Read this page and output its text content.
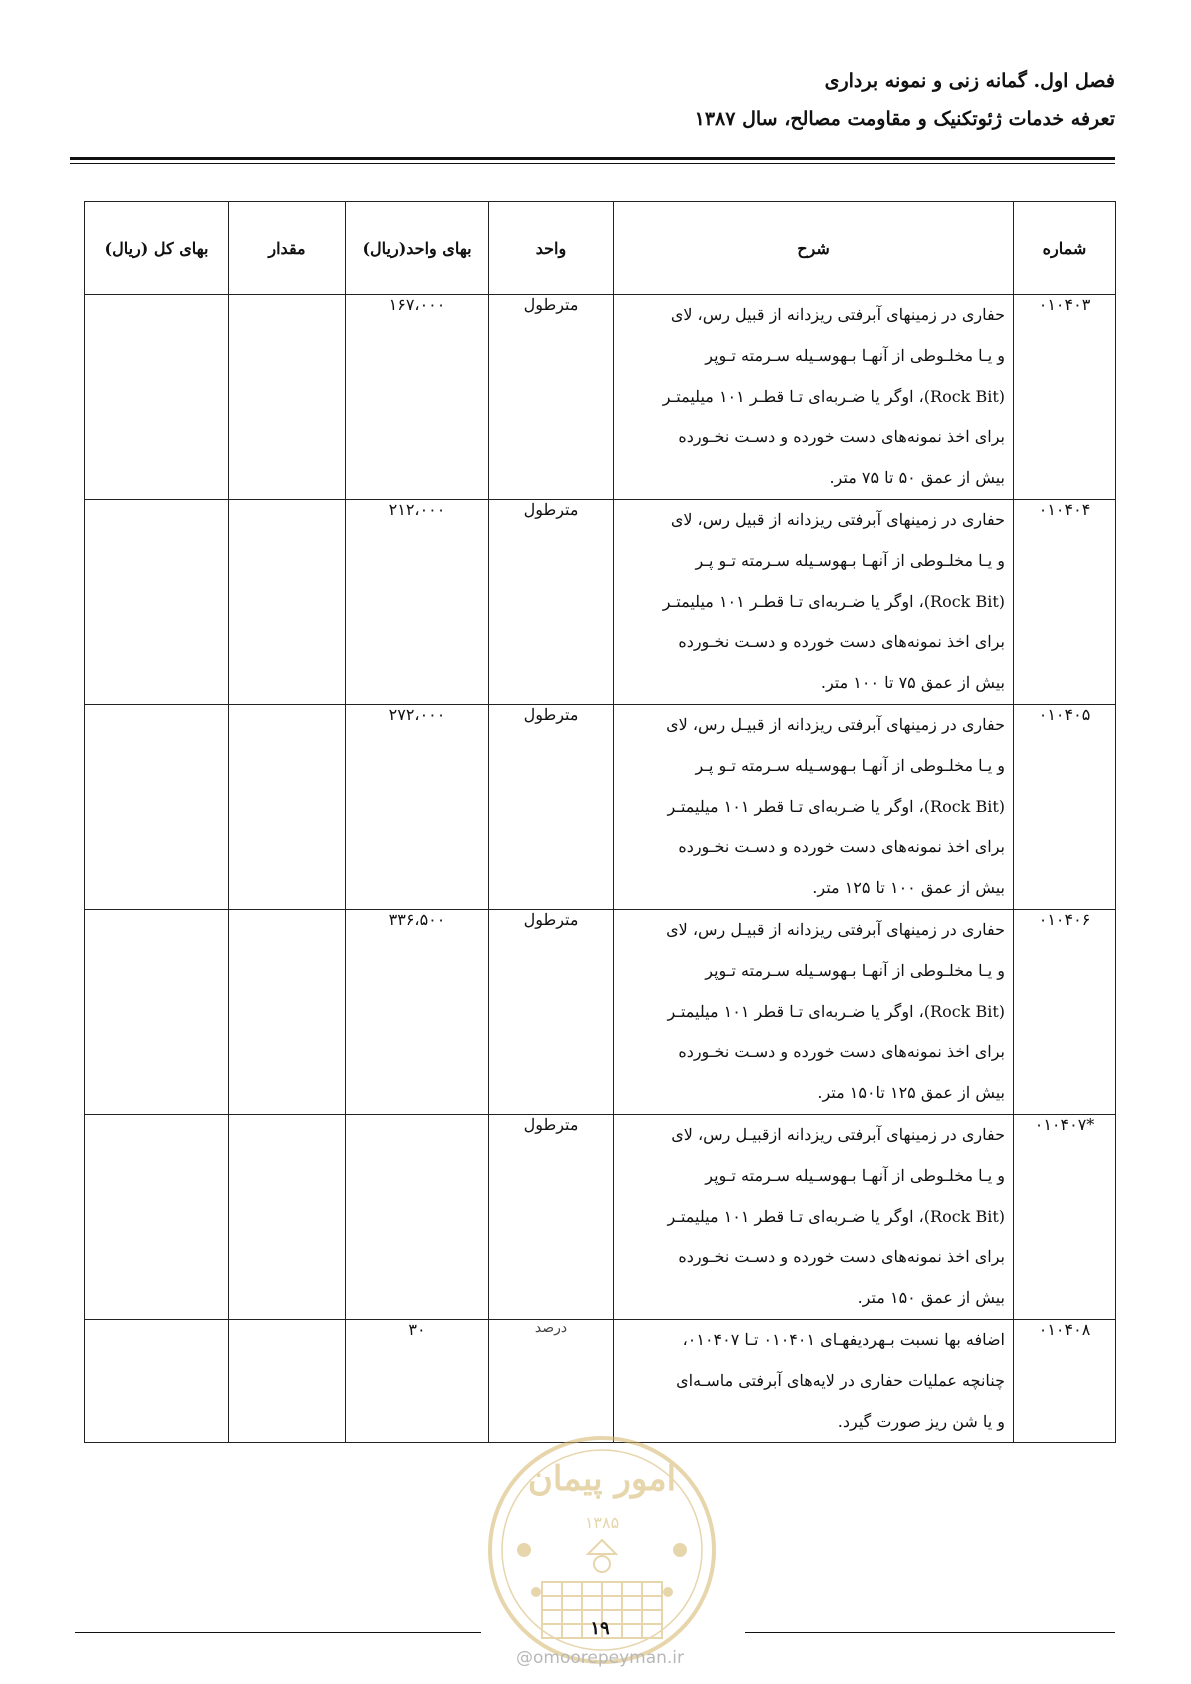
فصل اول. گمانه زنی و نمونه برداری
تعرفه خدمات ژئوتکنیک و مقاومت مصالح، سال ۱۳۸۷
شماره	شرح	واحد	بهای واحد(ریال)	مقدار	بهای کل (ریال)
۰۱۰۴۰۳	حفاری در زمینهای آبرفتی ریزدانه از قبیل رس، لای
و یـا مخلـوطی از آنهـا بـهوسـیله سـرمته تـوپر
(Rock Bit)، اوگر یا ضـربه‌ای تـا قطـر ۱۰۱ میلیمتـر
برای اخذ نمونه‌های دست خورده و دسـت نخـورده
بیش از عمق ۵۰ تا ۷۵ متر.	مترطول	۱۶۷،۰۰۰		
۰۱۰۴۰۴	حفاری در زمینهای آبرفتی ریزدانه از قبیل رس، لای
و یـا مخلـوطی از آنهـا بـهوسـیله سـرمته تـو پـر
(Rock Bit)، اوگر یا ضـربه‌ای تـا قطـر ۱۰۱ میلیمتـر
برای اخذ نمونه‌های دست خورده و دسـت نخـورده
بیش از عمق ۷۵ تا ۱۰۰ متر.	مترطول	۲۱۲،۰۰۰		
۰۱۰۴۰۵	حفاری در زمینهای آبرفتی ریزدانه از قبیـل رس، لای
و یـا مخلـوطی از آنهـا بـهوسـیله سـرمته تـو پـر
(Rock Bit)، اوگر یا ضـربه‌ای تـا قطر ۱۰۱ میلیمتـر
برای اخذ نمونه‌های دست خورده و دسـت نخـورده
بیش از عمق ۱۰۰ تا ۱۲۵ متر.	مترطول	۲۷۲،۰۰۰		
۰۱۰۴۰۶	حفاری در زمینهای آبرفتی ریزدانه از قبیـل رس، لای
و یـا مخلـوطی از آنهـا بـهوسـیله سـرمته تـوپر
(Rock Bit)، اوگر یا ضـربه‌ای تـا قطر ۱۰۱ میلیمتـر
برای اخذ نمونه‌های دست خورده و دسـت نخـورده
بیش از عمق ۱۲۵ تا۱۵۰ متر.	مترطول	۳۳۶،۵۰۰		
*۰۱۰۴۰۷	حفاری در زمینهای آبرفتی ریزدانه ازقبیـل رس، لای
و یـا مخلـوطی از آنهـا بـهوسـیله سـرمته تـوپر
(Rock Bit)، اوگر یا ضـربه‌ای تـا قطر ۱۰۱ میلیمتـر
برای اخذ نمونه‌های دست خورده و دسـت نخـورده
بیش از عمق ۱۵۰ متر.	مترطول			
۰۱۰۴۰۸	اضافه بها نسبت بـهردیفهـای ۰۱۰۴۰۱ تـا ۰۱۰۴۰۷،
چنانچه عملیات حفاری در لایه‌های آبرفتی ماسـه‌ای
و یا شن ریز صورت گیرد.	درصد	۳۰		
امور پیمان
۱۳۸۵
۱۹
@omoorepeyman.ir
